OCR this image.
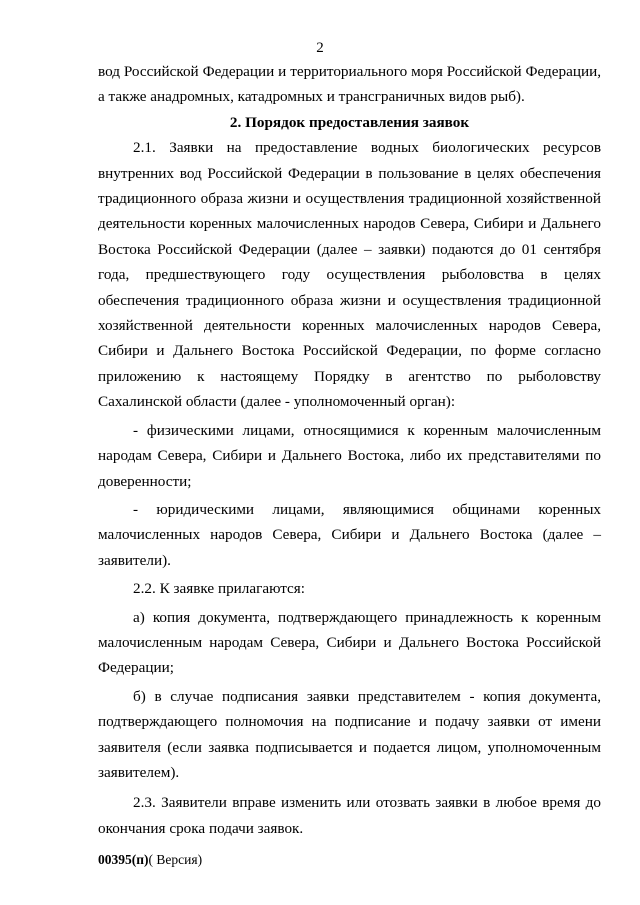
2

вод Российской Федерации и территориального моря Российской Федерации, а также анадромных, катадромных и трансграничных видов рыб).

2. Порядок предоставления заявок

2.1. Заявки на предоставление водных биологических ресурсов внутренних вод Российской Федерации в пользование в целях обеспечения традиционного образа жизни и осуществления традиционной хозяйственной деятельности коренных малочисленных народов Севера, Сибири и Дальнего Востока Российской Федерации (далее – заявки) подаются до 01 сентября года, предшествующего году осуществления рыболовства в целях обеспечения традиционного образа жизни и осуществления традиционной хозяйственной деятельности коренных малочисленных народов Севера, Сибири и Дальнего Востока Российской Федерации, по форме согласно приложению к настоящему Порядку в агентство по рыболовству Сахалинской области (далее - уполномоченный орган):

- физическими лицами, относящимися к коренным малочисленным народам Севера, Сибири и Дальнего Востока, либо их представителями по доверенности;

- юридическими лицами, являющимися общинами коренных малочисленных народов Севера, Сибири и Дальнего Востока (далее – заявители).

2.2. К заявке прилагаются:

а) копия документа, подтверждающего принадлежность к коренным малочисленным народам Севера, Сибири и Дальнего Востока Российской Федерации;

б) в случае подписания заявки представителем - копия документа, подтверждающего полномочия на подписание и подачу заявки от имени заявителя (если заявка подписывается и подается лицом, уполномоченным заявителем).

2.3. Заявители вправе изменить или отозвать заявки в любое время до окончания срока подачи заявок.

00395(п)( Версия)
